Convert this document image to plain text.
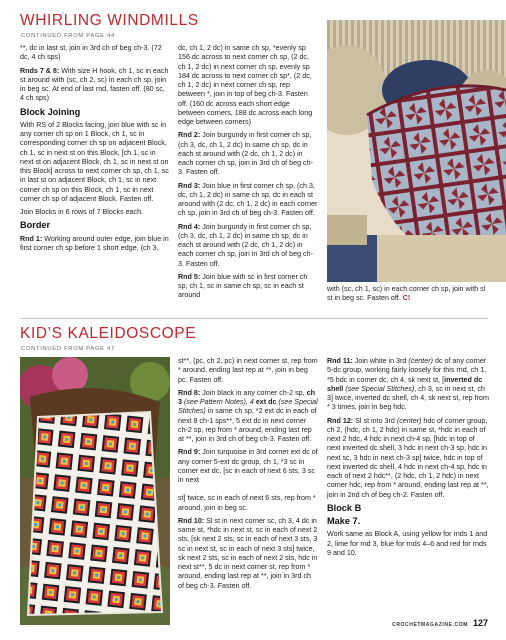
WHIRLING WINDMILLS
CONTINUED FROM PAGE 44

**, dc in last st, join in 3rd ch of beg ch-3. (72 dc, 4 ch sps)

Rnds 7 & 8: With size H hook, ch 1, sc in each st around with (sc, ch 2, sc) in each ch sp, join in beg sc. At end of last rnd, fasten off. (80 sc, 4 ch sps)

Block Joining

With RS of 2 Blocks facing, join blue with sc in any corner ch sp on 1 Block, ch 1, sc in corresponding corner ch sp on adjacent Block, ch 1, sc in next st on this Block, [ch 1, sc in next st on adjacent Block, ch 1, sc in next st on this Block] across to next corner ch sp, ch 1, sc in last st on adjacent Block, ch 1, sc in next corner ch sp on this Block, ch 1, sc in next corner ch sp of adjacent Block. Fasten off.

Join Blocks in 6 rows of 7 Blocks each.

Border

Rnd 1: Working around outer edge, join blue in first corner ch sp before 1 short edge, (ch 3,

dc, ch 1, 2 dc) in same ch sp, *evenly sp 156 dc across to next corner ch sp, (2 dc, ch 1, 2 dc) in next corner ch sp, evenly sp 184 dc across to next corner ch sp*, (2 dc, ch 1, 2 dc) in next corner ch sp, rep between *, join in top of beg ch-3. Fasten off. (160 dc across each short edge between corners, 188 dc across each long edge between corners)

Rnd 2: Join burgundy in first corner ch sp, (ch 3, dc, ch 1, 2 dc) in same ch sp, dc in each st around with (2 dc, ch 1, 2 dc) in each corner ch sp, join in 3rd ch of beg ch-3. Fasten off.

Rnd 3: Join blue in first corner ch sp, (ch 3, dc, ch 1, 2 dc) in same ch sp, dc in each st around with (2 dc, ch 1, 2 dc) in each corner ch sp, join in 3rd ch of beg ch-3. Fasten off.

Rnd 4: Join burgundy in first corner ch sp, (ch 3, dc, ch 1, 2 dc) in same ch sp, dc in each st around with (2 dc, ch 1, 2 dc) in each corner ch sp, join in 3rd ch of beg ch-3. Fasten off.

Rnd 5: Join blue with sc in first corner ch sp, ch 1, sc in same ch sp, sc in each st around

with (sc, ch 1, sc) in each corner ch sp, join with sl st in beg sc. Fasten off. C!

KID’S KALEIDOSCOPE
CONTINUED FROM PAGE 47

st**, (pc, ch 2, pc) in next corner st, rep from * around, ending last rep at **, join in beg pc. Fasten off.

Rnd 8: Join black in any corner ch-2 sp, ch 3 (see Pattern Notes), 4 ext dc (see Special Stitches) in same ch sp, *2 ext dc in each of next 8 ch-1 sps**, 5 ext dc in next corner ch-2 sp, rep from * around, ending last rep at **, join in 3rd ch of beg ch-3. Fasten off.

Rnd 9: Join turquoise in 3rd corner ext dc of any corner 5-ext dc group, ch 1, *3 sc in corner ext dc, [sc in each of next 6 sts, 3 sc in next

st] twice, sc in each of next 6 sts, rep from * around, join in beg sc.

Rnd 10: Sl st in next corner sc, ch 3, 4 dc in same st, *hdc in next st, sc in each of next 2 sts, [sk next 2 sts, sc in each of next 3 sts, 3 sc in next st, sc in each of next 3 sts] twice, sk next 2 sts, sc in each of next 2 sts, hdc in next st**, 5 dc in next corner st, rep from * around, ending last rep at **, join in 3rd ch of beg ch-3. Fasten off.

Rnd 11: Join white in 3rd (center) dc of any corner 5-dc group, working fairly loosely for this rnd, ch 1, *5 hdc in corner dc, ch 4, sk next st, [inverted dc shell (see Special Stitches), ch 3, sc in next st, ch 3] twice, inverted dc shell, ch 4, sk next st, rep from * 3 times, join in beg hdc.

Rnd 12: Sl st into 3rd (center) hdc of corner group, ch 2, (hdc, ch 1, 2 hdc) in same st, *hdc in each of next 2 hdc, 4 hdc in next ch-4 sp, [hdc in top of next inverted dc shell, 3 hdc in next ch-3 sp, hdc in next sc, 3 hdc in next ch-3 sp] twice, hdc in top of next inverted dc shell, 4 hdc in next ch-4 sp, hdc in each of next 2 hdc**, (2 hdc, ch 1, 2 hdc) in next corner hdc, rep from * around, ending last rep at **, join in 2nd ch of beg ch-2. Fasten off.

Block B
Make 7.

Work same as Block A, using yellow for rnds 1 and 2, lime for rnd 3, blue for rnds 4–6 and red for rnds 9 and 10.

CROCHETMAGAZINE.COM 127
